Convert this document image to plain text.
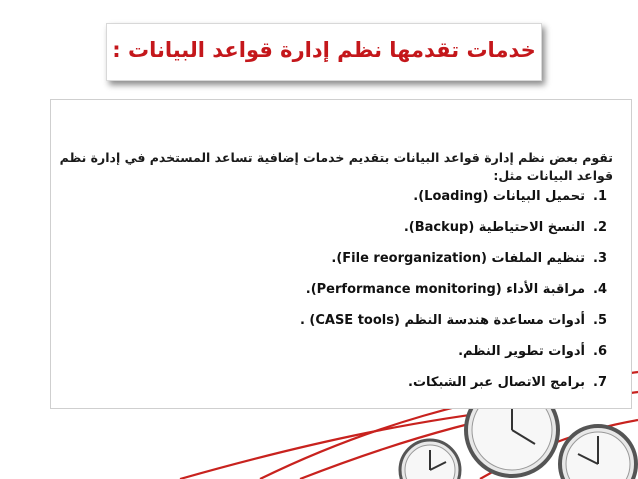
خدمات تقدمها نظم إدارة قواعد البيانات :
تقوم بعض نظم إدارة قواعد البيانات بتقديم خدمات إضافية تساعد المستخدم في إدارة نظم قواعد البيانات مثل:
1.تحميل البيانات (Loading).
2.النسخ الاحتياطية (Backup).
3.تنظيم الملفات (File reorganization).
4.مراقبة الأداء (Performance monitoring).
5.أدوات مساعدة هندسة النظم (CASE tools) .
6.أدوات تطوير النظم.
7.برامج الاتصال عبر الشبكات.
